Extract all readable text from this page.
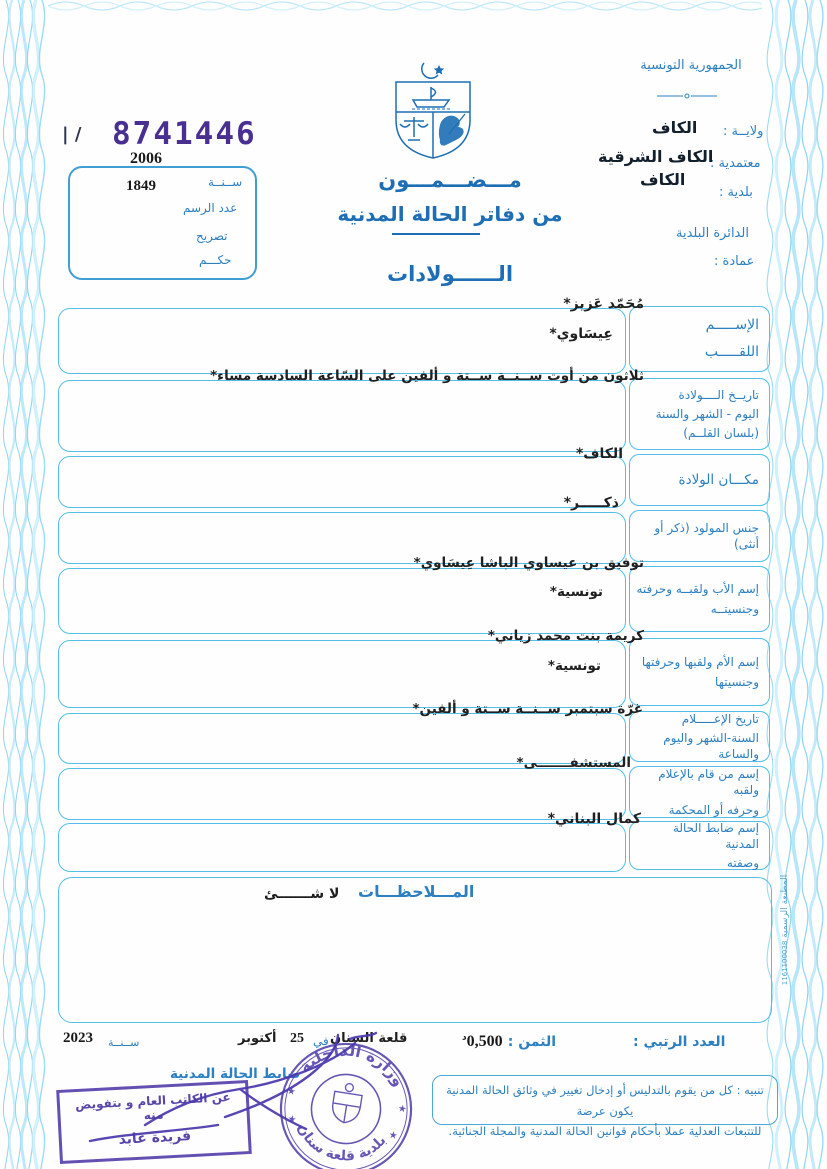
المطبعة الرسمية 1161100038
الجمهورية التونسية
ولايــة :
الكاف
معتمدية :
الكاف الشرقية
بلدية :
الكاف
الدائرة البلدية
عمادة :
| / 8741446
2006
ســنــة
1849
عدد الرسم
تصريح
حكـــم
مـــضـــمـــون
من دفاتر الحالة المدنية
الــــــولادات
الإســـــم
اللقـــــب
مُحَمّد عَزيز*
عِيسَاوي*
تاريــخ الــــولادة
اليوم - الشهر والسنة
(بلسان القلــم)
ثلاثون من أوت ســنــة ســتة و ألفين على السّاعة السادسة مساء*
مكـــان الولادة
الكاف*
جنس المولود (ذكر أو أنثى)
ذكـــــر*
إسم الأب ولقبــه وحرفته
وجنسيتــه
توفيق بن عيساوي الباشا عِيسَاوي*
تونسية*
إسم الأم ولقبها وحرفتها
وجنسيتها
كريمة بنت محمد زياني*
تونسية*
تاريخ الإعـــــلام
السنة-الشهر واليوم والساعة
غرّة سبتمبر ســنــة ســتة و ألفين*
إسم من قام بالإعلام ولقبه
وحرفه أو المحكمة
المستشفـــــــى*
إسم ضابط الحالة المدنية
وصفته
كمال البناني*
المـــلاحظـــات
لا شـــــــئ
العدد الرتبي :
الثمن : $0,500^د$
قلعة السنان
في
25
أكتوبر
ســنــة
2023
ضابط الحالة المدنية
تنبيه : كل من يقوم بالتدليس أو إدخال تغيير في وثائق الحالة المدنية يكون عرضة
للتتبعات العدلية عملا بأحكام قوانين الحالة المدنية والمجلة الجنائية.
عن الكاتب العام و بتفويض منه
فريدة عابد
وزارة الداخلية
بلدية قلعة سنان
★
★
★
★
